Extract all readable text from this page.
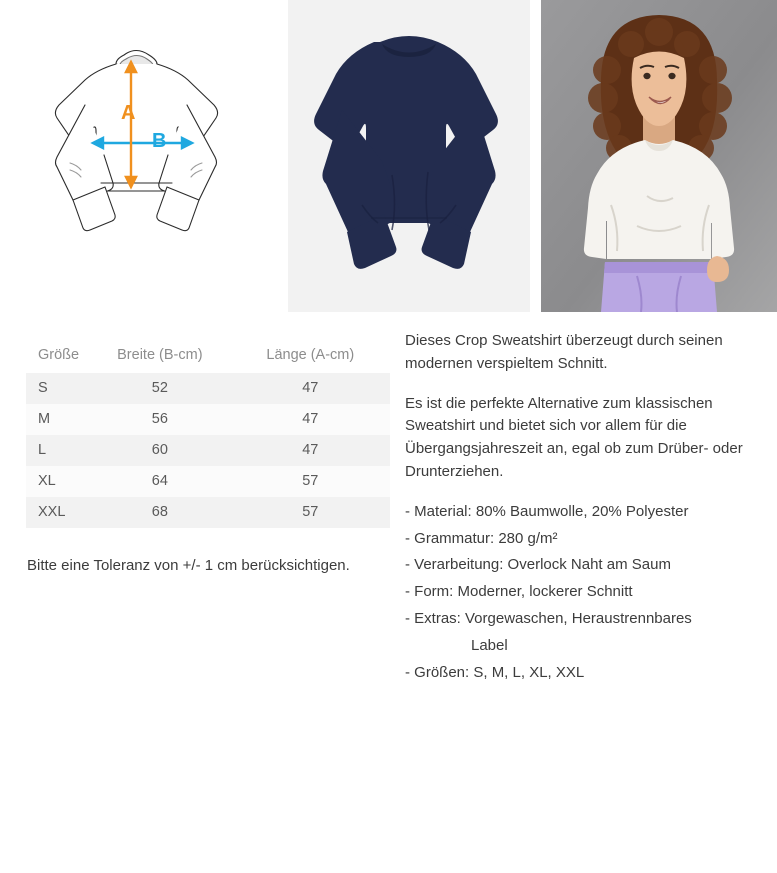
A
B
Größe	Breite (B-cm)	Länge (A-cm)
S	52	47
M	56	47
L	60	47
XL	64	57
XXL	68	57
Bitte eine Toleranz von +/- 1 cm berücksichtigen.

Dieses Crop Sweatshirt überzeugt durch seinen modernen verspieltem Schnitt.

Es ist die perfekte Alternative zum klassischen Sweatshirt und bietet sich vor allem für die Übergangsjahreszeit an, egal ob zum Drüber- oder Drunterziehen.

- Material: 80% Baumwolle, 20% Polyester
- Grammatur: 280 g/m²
- Verarbeitung: Overlock Naht am Saum
- Form: Moderner, lockerer Schnitt
- Extras: Vorgewaschen, Heraustrennbares
Label
- Größen: S, M, L, XL, XXL
